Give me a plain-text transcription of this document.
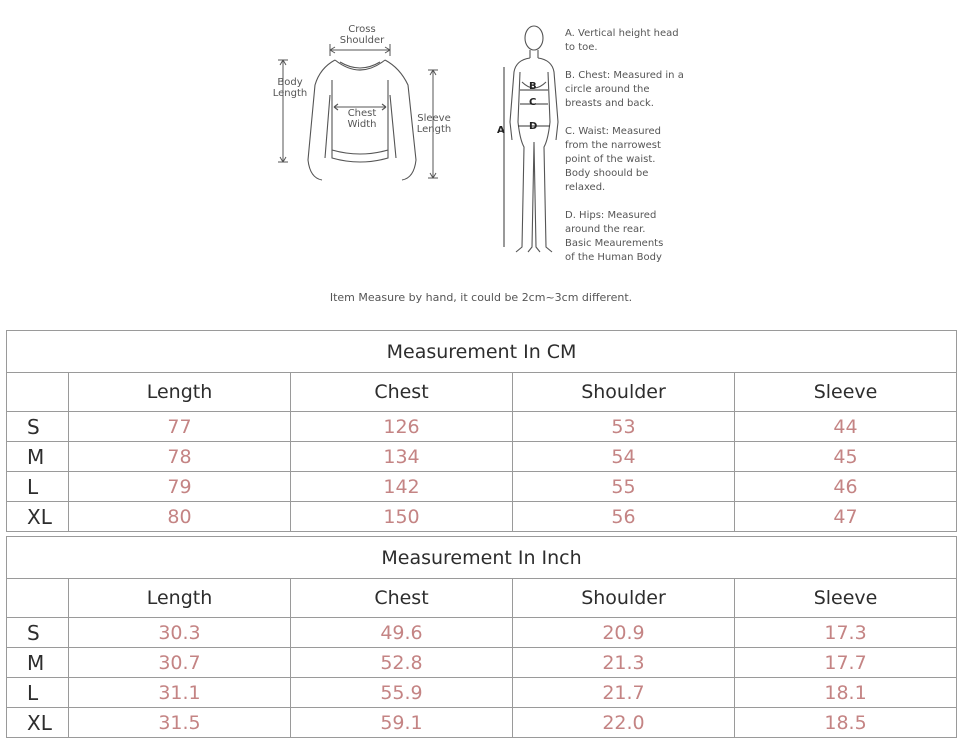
Cross
Shoulder
Body
Length
Chest
Width
Sleeve
Length	A
B
C
D
A. Vertical height head
to toe.
B. Chest: Measured in a
circle around the
breasts and back.
C. Waist: Measured
from the narrowest
point of the waist.
Body shoould be
relaxed.
D. Hips: Measured
around the rear.
Basic Meaurements
of the Human Body
Item Measure by hand, it could be 2cm~3cm different.
Measurement In CM				
	Length	Chest	Shoulder	Sleeve
S	77	126	53	44
M	78	134	54	45
L	79	142	55	46
XL	80	150	56	47
Measurement In Inch				
	Length	Chest	Shoulder	Sleeve
S	30.3	49.6	20.9	17.3
M	30.7	52.8	21.3	17.7
L	31.1	55.9	21.7	18.1
XL	31.5	59.1	22.0	18.5
